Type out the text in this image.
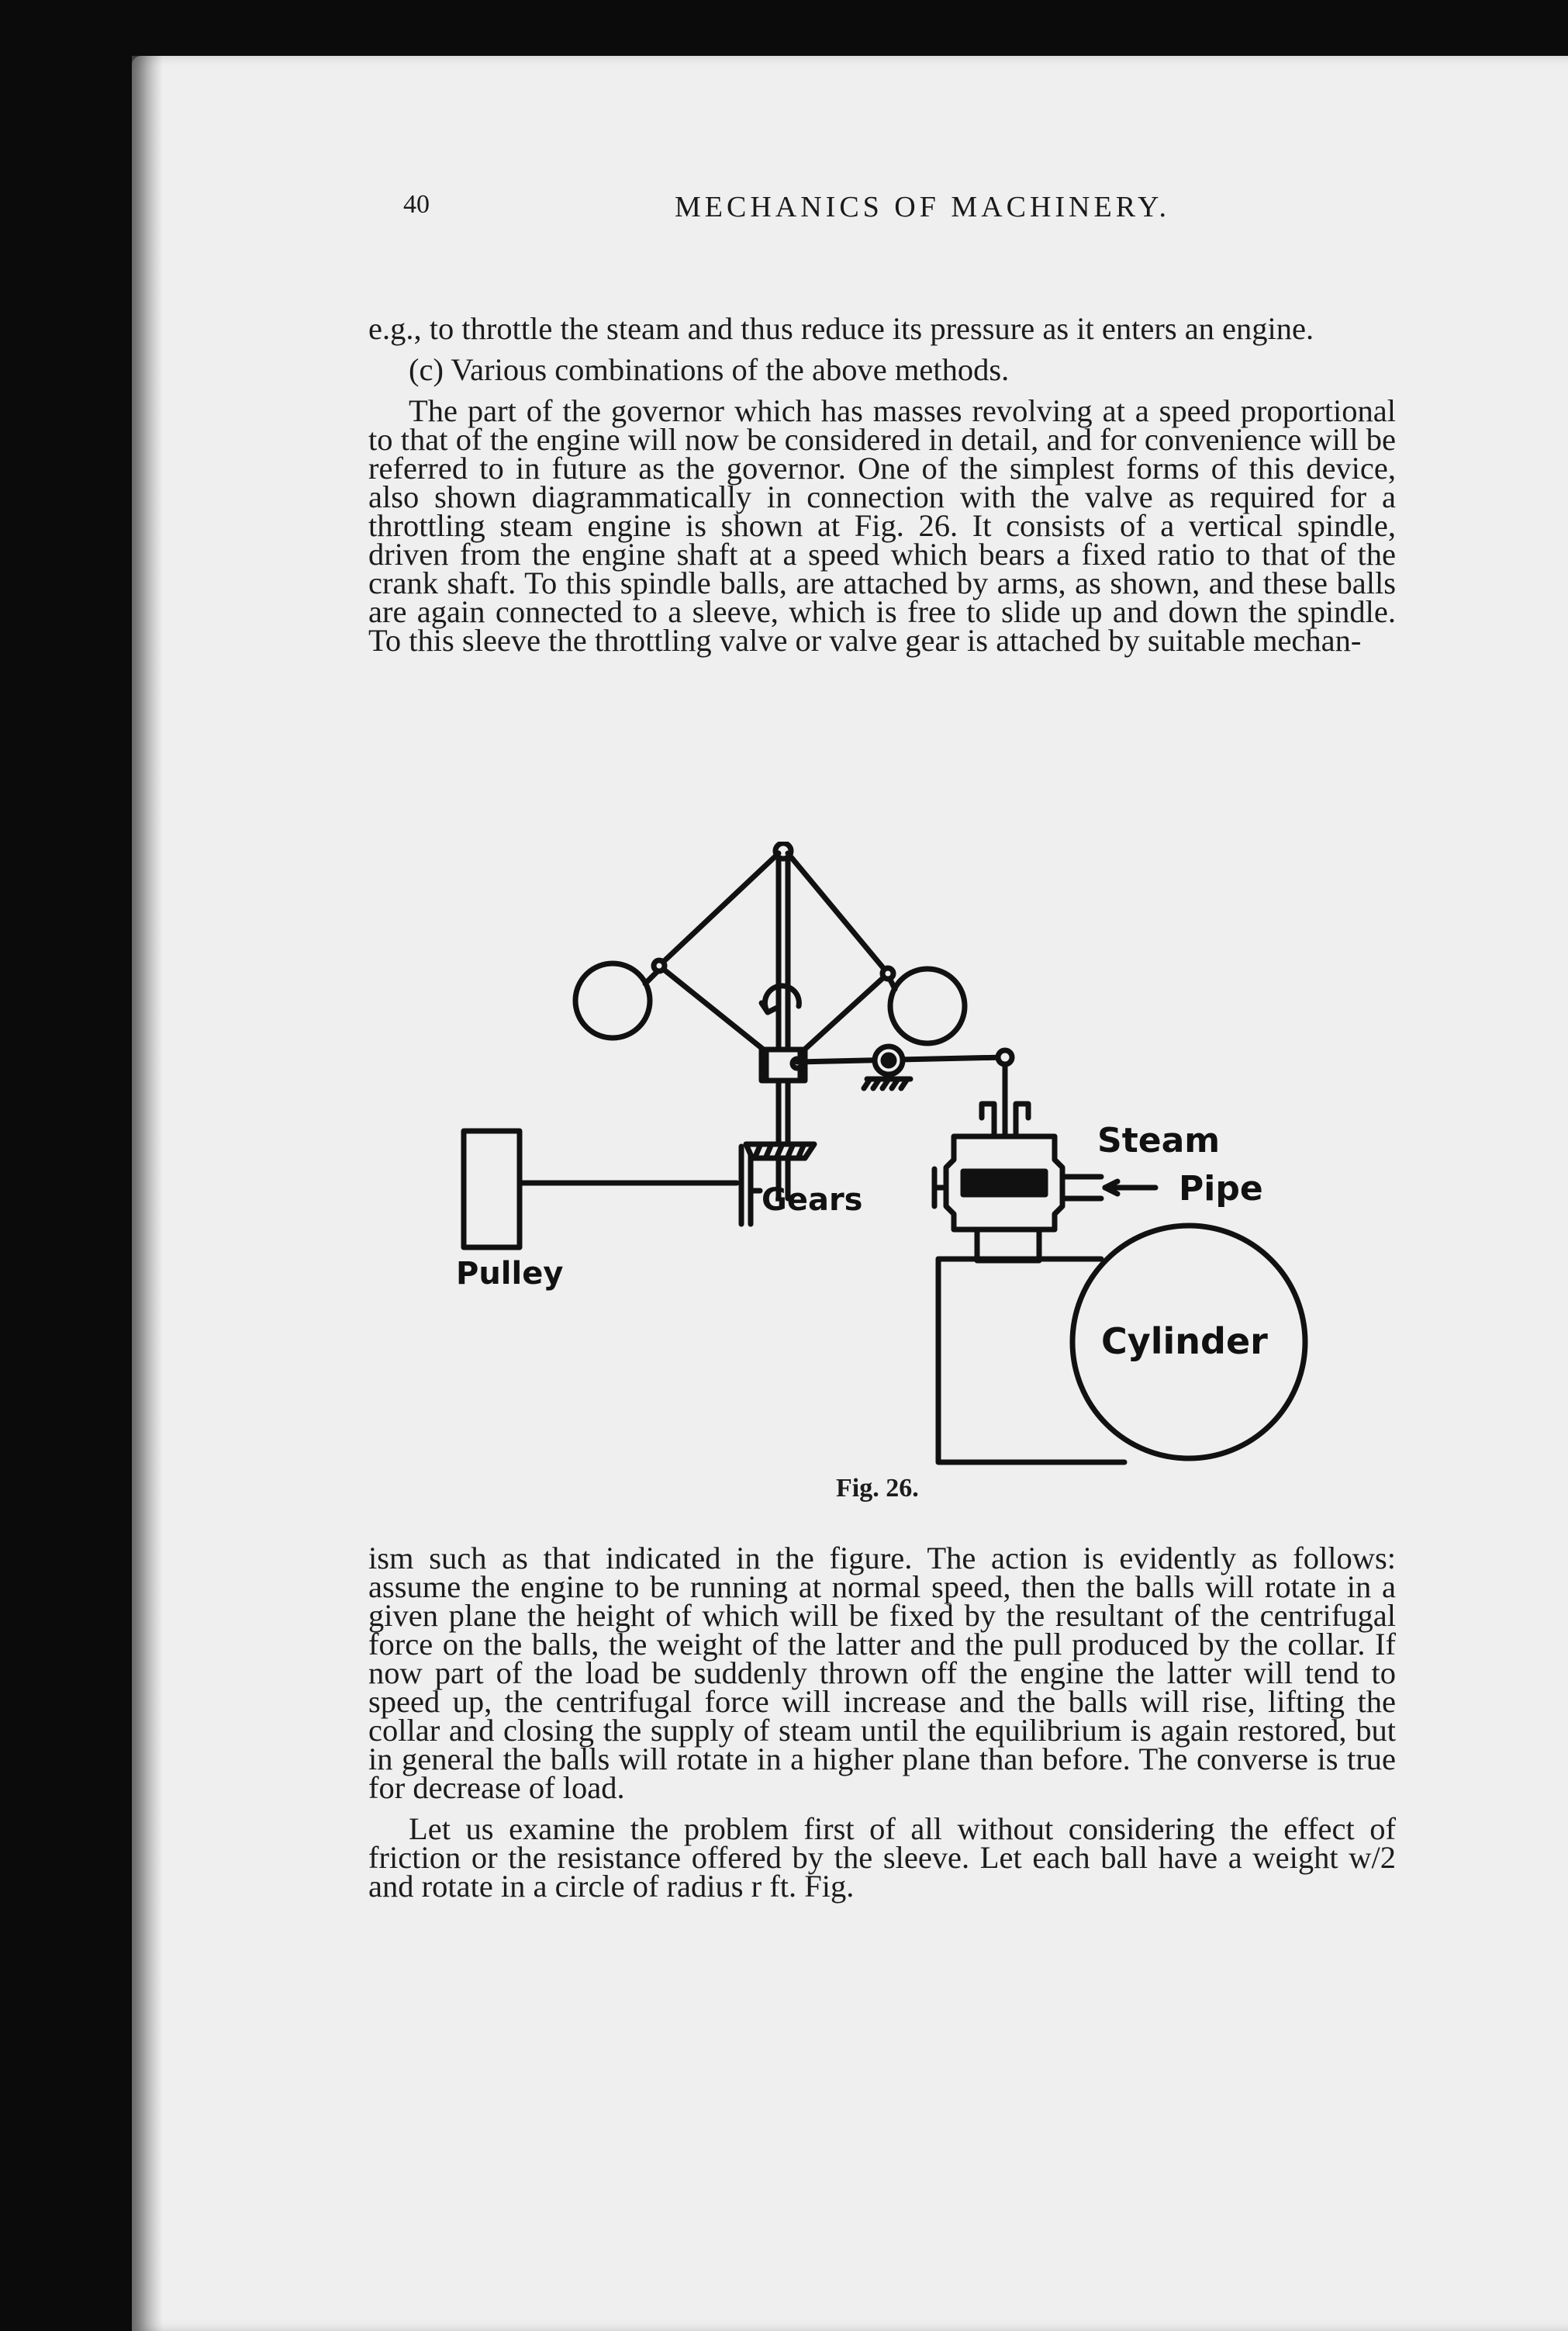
40	MECHANICS OF MACHINERY.

e.g., to throttle the steam and thus reduce its pressure as it enters an engine.

(c) Various combinations of the above methods.

The part of the governor which has masses revolving at a speed proportional to that of the engine will now be considered in detail, and for convenience will be referred to in future as the governor. One of the simplest forms of this device, also shown diagrammatically in connection with the valve as required for a throttling steam engine is shown at Fig. 26. It consists of a vertical spindle, driven from the engine shaft at a speed which bears a fixed ratio to that of the crank shaft. To this spindle balls, are attached by arms, as shown, and these balls are again connected to a sleeve, which is free to slide up and down the spindle. To this sleeve the throttling valve or valve gear is attached by suitable mechan-

Steam
Pipe
Gears
Pulley
Cylinder
Fig. 26.

ism such as that indicated in the figure. The action is evidently as follows: assume the engine to be running at normal speed, then the balls will rotate in a given plane the height of which will be fixed by the resultant of the centrifugal force on the balls, the weight of the latter and the pull produced by the collar. If now part of the load be suddenly thrown off the engine the latter will tend to speed up, the centrifugal force will increase and the balls will rise, lifting the collar and closing the supply of steam until the equilibrium is again restored, but in general the balls will rotate in a higher plane than before. The converse is true for decrease of load.

Let us examine the problem first of all without considering the effect of friction or the resistance offered by the sleeve. Let each ball have a weight w/2 and rotate in a circle of radius r ft. Fig.
